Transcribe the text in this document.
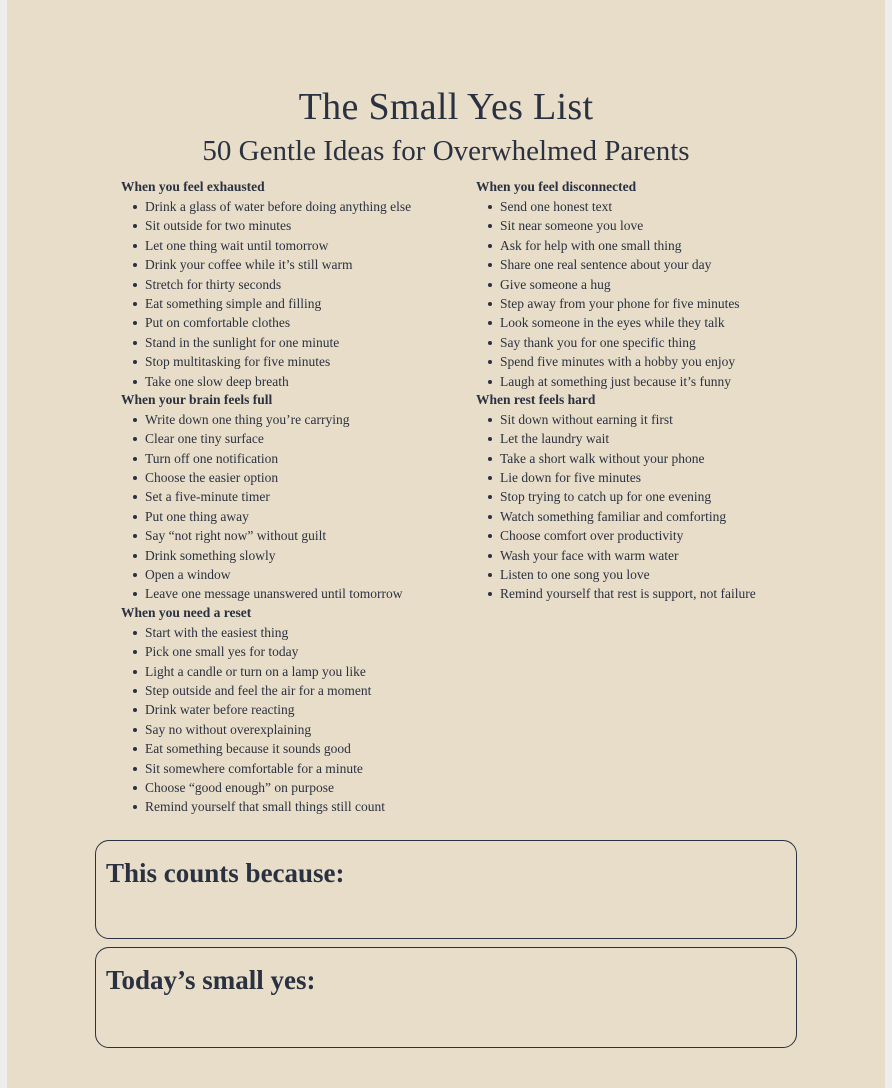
The Small Yes List
50 Gentle Ideas for Overwhelmed Parents

When you feel exhausted

Drink a glass of water before doing anything else
Sit outside for two minutes
Let one thing wait until tomorrow
Drink your coffee while it’s still warm
Stretch for thirty seconds
Eat something simple and filling
Put on comfortable clothes
Stand in the sunlight for one minute
Stop multitasking for five minutes
Take one slow deep breath

When your brain feels full

Write down one thing you’re carrying
Clear one tiny surface
Turn off one notification
Choose the easier option
Set a five-minute timer
Put one thing away
Say “not right now” without guilt
Drink something slowly
Open a window
Leave one message unanswered until tomorrow

When you need a reset

Start with the easiest thing
Pick one small yes for today
Light a candle or turn on a lamp you like
Step outside and feel the air for a moment
Drink water before reacting
Say no without overexplaining
Eat something because it sounds good
Sit somewhere comfortable for a minute
Choose “good enough” on purpose
Remind yourself that small things still count

When you feel disconnected

Send one honest text
Sit near someone you love
Ask for help with one small thing
Share one real sentence about your day
Give someone a hug
Step away from your phone for five minutes
Look someone in the eyes while they talk
Say thank you for one specific thing
Spend five minutes with a hobby you enjoy
Laugh at something just because it’s funny

When rest feels hard

Sit down without earning it first
Let the laundry wait
Take a short walk without your phone
Lie down for five minutes
Stop trying to catch up for one evening
Watch something familiar and comforting
Choose comfort over productivity
Wash your face with warm water
Listen to one song you love
Remind yourself that rest is support, not failure

This counts because:

Today’s small yes:
